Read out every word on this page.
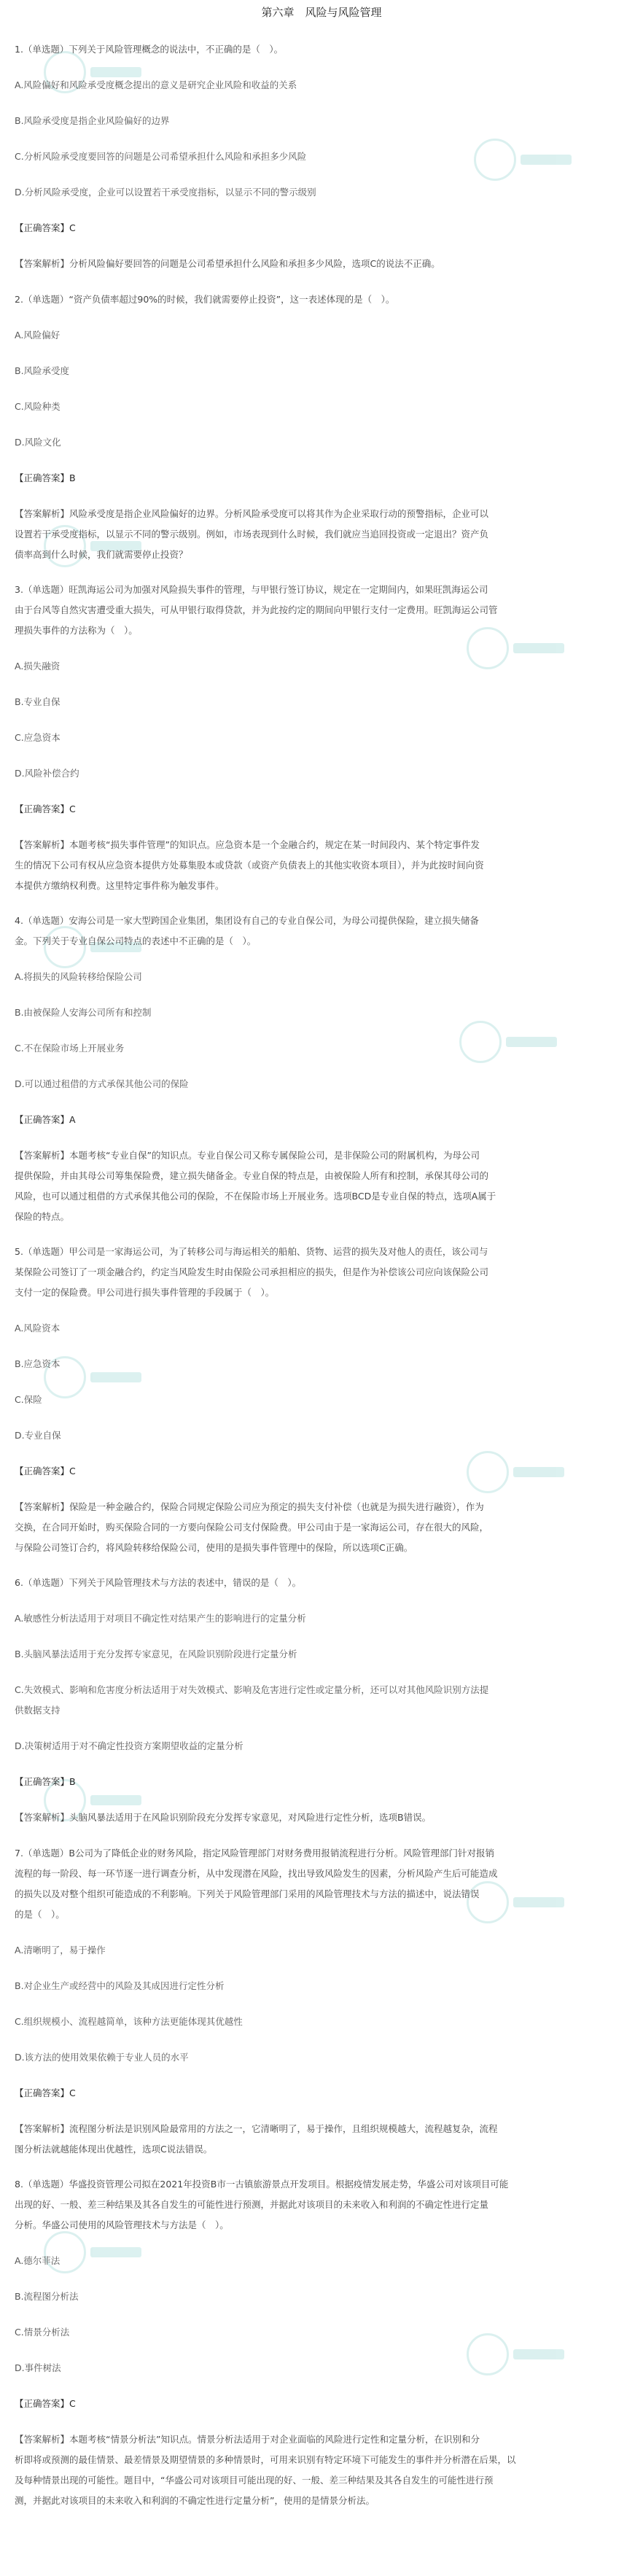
第六章　风险与风险管理
1.（单选题）下列关于风险管理概念的说法中，不正确的是（　）。
A.风险偏好和风险承受度概念提出的意义是研究企业风险和收益的关系
B.风险承受度是指企业风险偏好的边界
C.分析风险承受度要回答的问题是公司希望承担什么风险和承担多少风险
D.分析风险承受度，企业可以设置若干承受度指标，以显示不同的警示级别
【正确答案】C
【答案解析】分析风险偏好要回答的问题是公司希望承担什么风险和承担多少风险，选项C的说法不正确。
2.（单选题）“资产负债率超过90%的时候，我们就需要停止投资”，这一表述体现的是（　）。
A.风险偏好
B.风险承受度
C.风险种类
D.风险文化
【正确答案】B
【答案解析】风险承受度是指企业风险偏好的边界。分析风险承受度可以将其作为企业采取行动的预警指标，企业可以
设置若干承受度指标，以显示不同的警示级别。例如，市场表现到什么时候，我们就应当追回投资或一定退出？资产负
债率高到什么时候，我们就需要停止投资？
3.（单选题）旺凯海运公司为加强对风险损失事件的管理，与甲银行签订协议，规定在一定期间内，如果旺凯海运公司
由于台风等自然灾害遭受重大损失，可从甲银行取得贷款，并为此按约定的期间向甲银行支付一定费用。旺凯海运公司管
理损失事件的方法称为（　）。
A.损失融资
B.专业自保
C.应急资本
D.风险补偿合约
【正确答案】C
【答案解析】本题考核“损失事件管理”的知识点。应急资本是一个金融合约，规定在某一时间段内、某个特定事件发
生的情况下公司有权从应急资本提供方处募集股本或贷款（或资产负债表上的其他实收资本项目），并为此按时间向资
本提供方缴纳权利费。这里特定事件称为触发事件。
4.（单选题）安海公司是一家大型跨国企业集团，集团设有自己的专业自保公司，为母公司提供保险，建立损失储备
金。下列关于专业自保公司特点的表述中不正确的是（　）。
A.将损失的风险转移给保险公司
B.由被保险人安海公司所有和控制
C.不在保险市场上开展业务
D.可以通过租借的方式承保其他公司的保险
【正确答案】A
【答案解析】本题考核“专业自保”的知识点。专业自保公司又称专属保险公司，是非保险公司的附属机构，为母公司
提供保险，并由其母公司筹集保险费，建立损失储备金。专业自保的特点是，由被保险人所有和控制，承保其母公司的
风险，也可以通过租借的方式承保其他公司的保险，不在保险市场上开展业务。选项BCD是专业自保的特点，选项A属于
保险的特点。
5.（单选题）甲公司是一家海运公司，为了转移公司与海运相关的船舶、货物、运营的损失及对他人的责任，该公司与
某保险公司签订了一项金融合约，约定当风险发生时由保险公司承担相应的损失，但是作为补偿该公司应向该保险公司
支付一定的保险费。甲公司进行损失事件管理的手段属于（　）。
A.风险资本
B.应急资本
C.保险
D.专业自保
【正确答案】C
【答案解析】保险是一种金融合约，保险合同规定保险公司应为预定的损失支付补偿（也就是为损失进行融资），作为
交换，在合同开始时，购买保险合同的一方要向保险公司支付保险费。甲公司由于是一家海运公司，存在很大的风险，
与保险公司签订合约，将风险转移给保险公司，使用的是损失事件管理中的保险，所以选项C正确。
6.（单选题）下列关于风险管理技术与方法的表述中，错误的是（　）。
A.敏感性分析法适用于对项目不确定性对结果产生的影响进行的定量分析
B.头脑风暴法适用于充分发挥专家意见，在风险识别阶段进行定量分析
C.失效模式、影响和危害度分析法适用于对失效模式、影响及危害进行定性或定量分析，还可以对其他风险识别方法提
供数据支持
D.决策树适用于对不确定性投资方案期望收益的定量分析
【正确答案】B
【答案解析】头脑风暴法适用于在风险识别阶段充分发挥专家意见，对风险进行定性分析，选项B错误。
7.（单选题）B公司为了降低企业的财务风险，指定风险管理部门对财务费用报销流程进行分析。风险管理部门针对报销
流程的每一阶段、每一环节逐一进行调查分析，从中发现潜在风险，找出导致风险发生的因素，分析风险产生后可能造成
的损失以及对整个组织可能造成的不利影响。下列关于风险管理部门采用的风险管理技术与方法的描述中，说法错误
的是（　）。
A.清晰明了，易于操作
B.对企业生产或经营中的风险及其成因进行定性分析
C.组织规模小、流程越简单，该种方法更能体现其优越性
D.该方法的使用效果依赖于专业人员的水平
【正确答案】C
【答案解析】流程图分析法是识别风险最常用的方法之一，它清晰明了，易于操作，且组织规模越大，流程越复杂，流程
图分析法就越能体现出优越性，选项C说法错误。
8.（单选题）华盛投资管理公司拟在2021年投资B市一古镇旅游景点开发项目。根据疫情发展走势，华盛公司对该项目可能
出现的好、一般、差三种结果及其各自发生的可能性进行预测，并据此对该项目的未来收入和利润的不确定性进行定量
分析。华盛公司使用的风险管理技术与方法是（　）。
A.德尔菲法
B.流程图分析法
C.情景分析法
D.事件树法
【正确答案】C
【答案解析】本题考核“情景分析法”知识点。情景分析法适用于对企业面临的风险进行定性和定量分析，在识别和分
析即将或预测的最佳情景、最差情景及期望情景的多种情景时，可用来识别有特定环境下可能发生的事件并分析潜在后果，以
及每种情景出现的可能性。题目中，“华盛公司对该项目可能出现的好、一般、差三种结果及其各自发生的可能性进行预
测，并据此对该项目的未来收入和利润的不确定性进行定量分析”，使用的是情景分析法。
